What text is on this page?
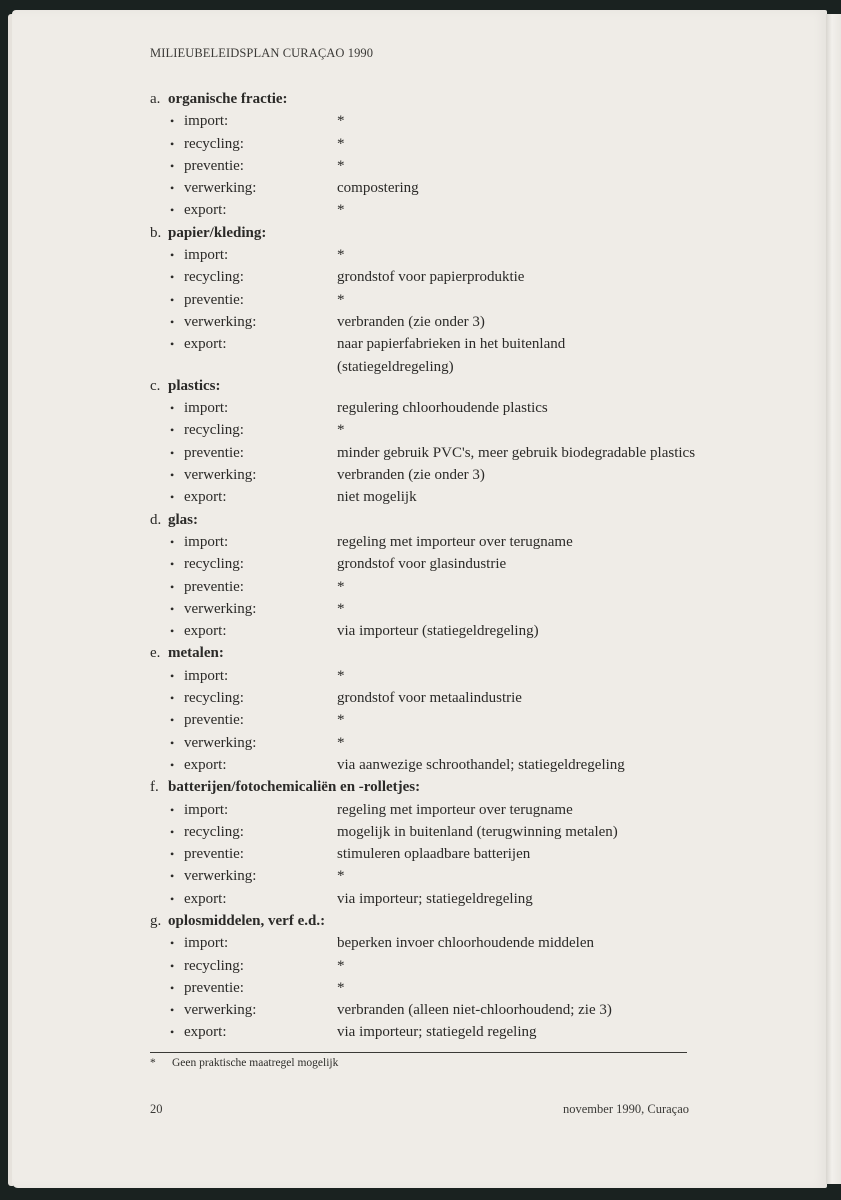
MILIEUBELEIDSPLAN CURAÇAO 1990
a. organische fractie:
• import:	*
• recycling:	*
• preventie:	*
• verwerking:	compostering
• export:	*
b. papier/kleding:
• import:	*
• recycling:	grondstof voor papierproduktie
• preventie:	*
• verwerking:	verbranden (zie onder 3)
• export:	naar papierfabrieken in het buitenland
(statiegeldregeling)
c. plastics:
• import:	regulering chloorhoudende plastics
• recycling:	*
• preventie:	minder gebruik PVC's, meer gebruik biodegradable plastics
• verwerking:	verbranden (zie onder 3)
• export:	niet mogelijk
d. glas:
• import:	regeling met importeur over terugname
• recycling:	grondstof voor glasindustrie
• preventie:	*
• verwerking:	*
• export:	via importeur (statiegeldregeling)
e. metalen:
• import:	*
• recycling:	grondstof voor metaalindustrie
• preventie:	*
• verwerking:	*
• export:	via aanwezige schroothandel; statiegeldregeling
f. batterijen/fotochemicaliën en -rolletjes:
• import:	regeling met importeur over terugname
• recycling:	mogelijk in buitenland (terugwinning metalen)
• preventie:	stimuleren oplaadbare batterijen
• verwerking:	*
• export:	via importeur; statiegeldregeling
g. oplosmiddelen, verf e.d.:
• import:	beperken invoer chloorhoudende middelen
• recycling:	*
• preventie:	*
• verwerking:	verbranden (alleen niet-chloorhoudend; zie 3)
• export:	via importeur; statiegeld regeling
* Geen praktische maatregel mogelijk
20	november 1990, Curaçao
